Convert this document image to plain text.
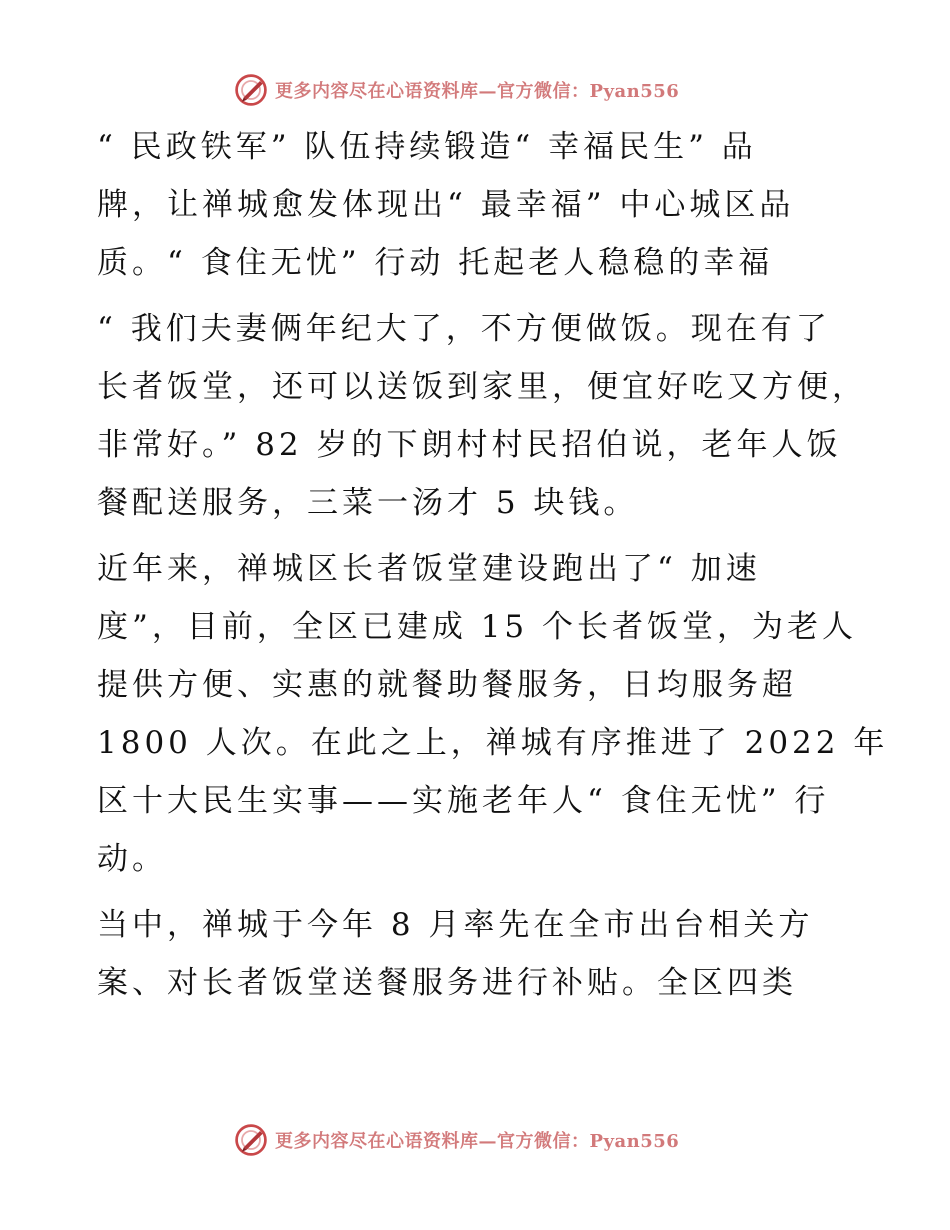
更多内容尽在心语资料库—官方微信：Pyan556
“ 民政铁军” 队伍持续锻造“ 幸福民生” 品
牌，让禅城愈发体现出“ 最幸福” 中心城区品
质。“ 食住无忧” 行动 托起老人稳稳的幸福
“ 我们夫妻俩年纪大了，不方便做饭。现在有了
长者饭堂，还可以送饭到家里，便宜好吃又方便，
非常好。” 82 岁的下朗村村民招伯说，老年人饭
餐配送服务，三菜一汤才 5 块钱。
近年来，禅城区长者饭堂建设跑出了“ 加速
度”，目前，全区已建成 15 个长者饭堂，为老人
提供方便、实惠的就餐助餐服务，日均服务超
1800 人次。在此之上，禅城有序推进了 2022 年
区十大民生实事——实施老年人“ 食住无忧” 行
动。
当中，禅城于今年 8 月率先在全市出台相关方
案、对长者饭堂送餐服务进行补贴。全区四类
更多内容尽在心语资料库—官方微信：Pyan556
